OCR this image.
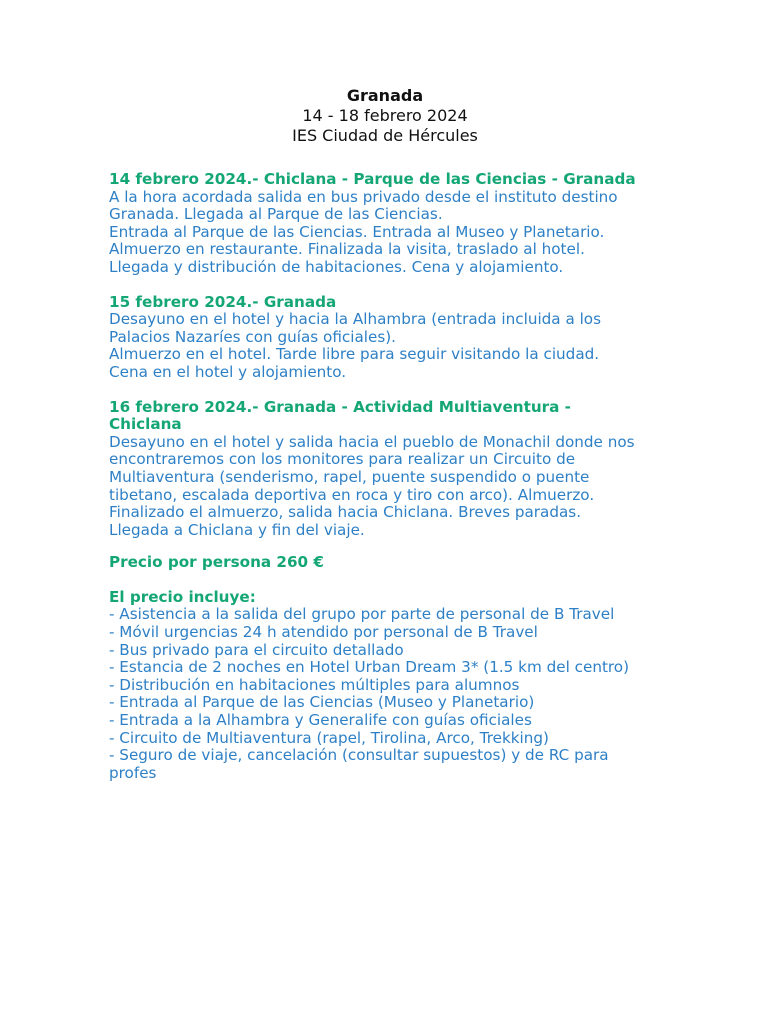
Granada
14 - 18 febrero 2024
IES Ciudad de Hércules
14 febrero 2024.- Chiclana - Parque de las Ciencias - Granada
A la hora acordada salida en bus privado desde el instituto destino
Granada. Llegada al Parque de las Ciencias.
Entrada al Parque de las Ciencias. Entrada al Museo y Planetario.
Almuerzo en restaurante. Finalizada la visita, traslado al hotel.
Llegada y distribución de habitaciones. Cena y alojamiento.
15 febrero 2024.- Granada
Desayuno en el hotel y hacia la Alhambra (entrada incluida a los
Palacios Nazaríes con guías oficiales).
Almuerzo en el hotel. Tarde libre para seguir visitando la ciudad.
Cena en el hotel y alojamiento.
16 febrero 2024.- Granada - Actividad Multiaventura -
Chiclana
Desayuno en el hotel y salida hacia el pueblo de Monachil donde nos
encontraremos con los monitores para realizar un Circuito de
Multiaventura (senderismo, rapel, puente suspendido o puente
tibetano, escalada deportiva en roca y tiro con arco). Almuerzo.
Finalizado el almuerzo, salida hacia Chiclana. Breves paradas.
Llegada a Chiclana y fin del viaje.
Precio por persona 260 €
El precio incluye:
- Asistencia a la salida del grupo por parte de personal de B Travel
- Móvil urgencias 24 h atendido por personal de B Travel
- Bus privado para el circuito detallado
- Estancia de 2 noches en Hotel Urban Dream 3* (1.5 km del centro)
- Distribución en habitaciones múltiples para alumnos
- Entrada al Parque de las Ciencias (Museo y Planetario)
- Entrada a la Alhambra y Generalife con guías oficiales
- Circuito de Multiaventura (rapel, Tirolina, Arco, Trekking)
- Seguro de viaje, cancelación (consultar supuestos) y de RC para
profes
